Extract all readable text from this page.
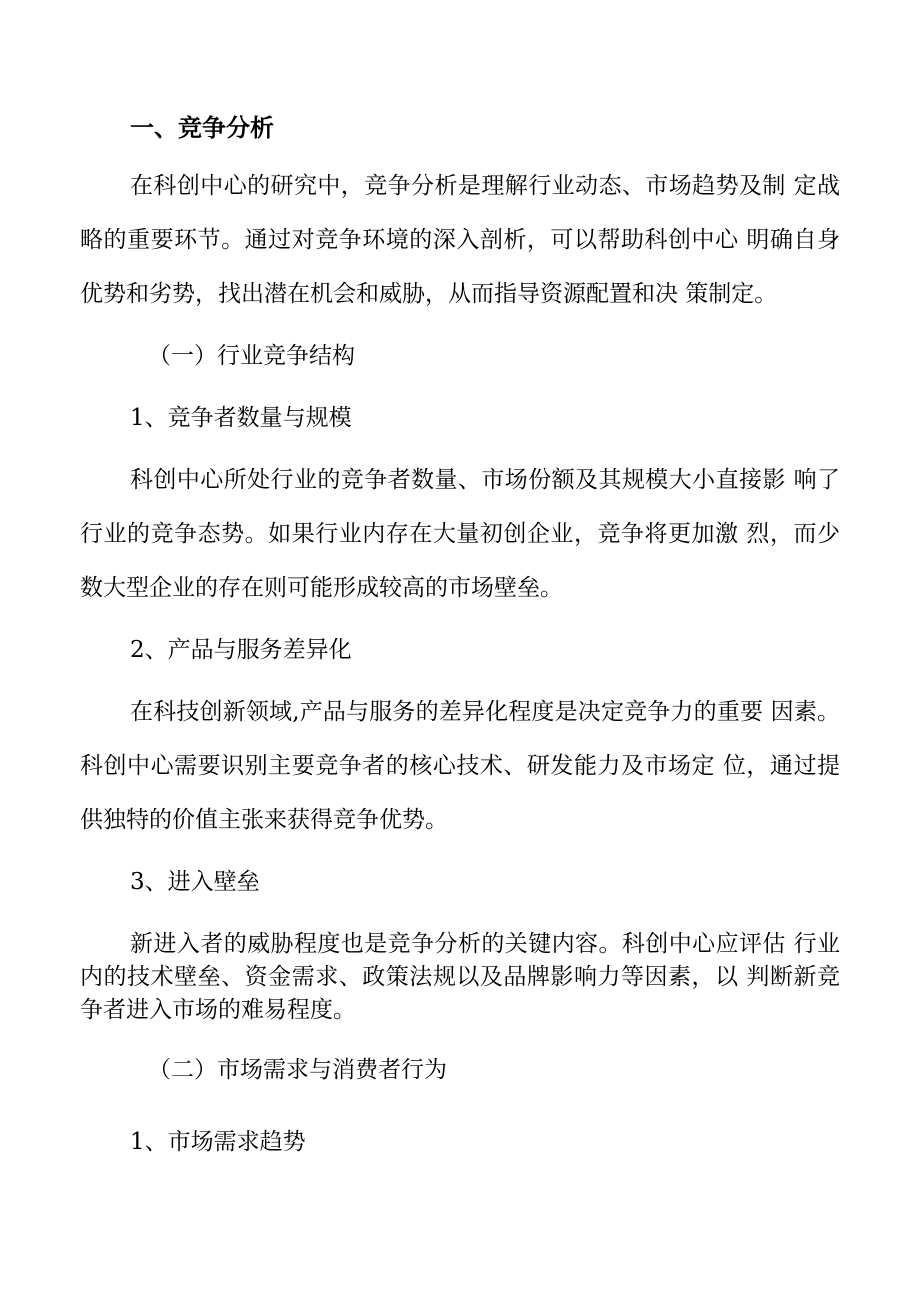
一、竞争分析
在科创中心的研究中，竞争分析是理解行业动态、市场趋势及制 定战
略的重要环节。通过对竞争环境的深入剖析，可以帮助科创中心 明确自身
优势和劣势，找出潜在机会和威胁，从而指导资源配置和决 策制定。
（一）行业竞争结构
1、竞争者数量与规模
科创中心所处行业的竞争者数量、市场份额及其规模大小直接影 响了
行业的竞争态势。如果行业内存在大量初创企业，竞争将更加激 烈，而少
数大型企业的存在则可能形成较高的市场壁垒。
2、产品与服务差异化
在科技创新领域,产品与服务的差异化程度是决定竞争力的重要 因素。
科创中心需要识别主要竞争者的核心技术、研发能力及市场定 位，通过提
供独特的价值主张来获得竞争优势。
3、进入壁垒
新进入者的威胁程度也是竞争分析的关键内容。科创中心应评估 行业
内的技术壁垒、资金需求、政策法规以及品牌影响力等因素，以 判断新竞
争者进入市场的难易程度。
（二）市场需求与消费者行为
1、市场需求趋势
